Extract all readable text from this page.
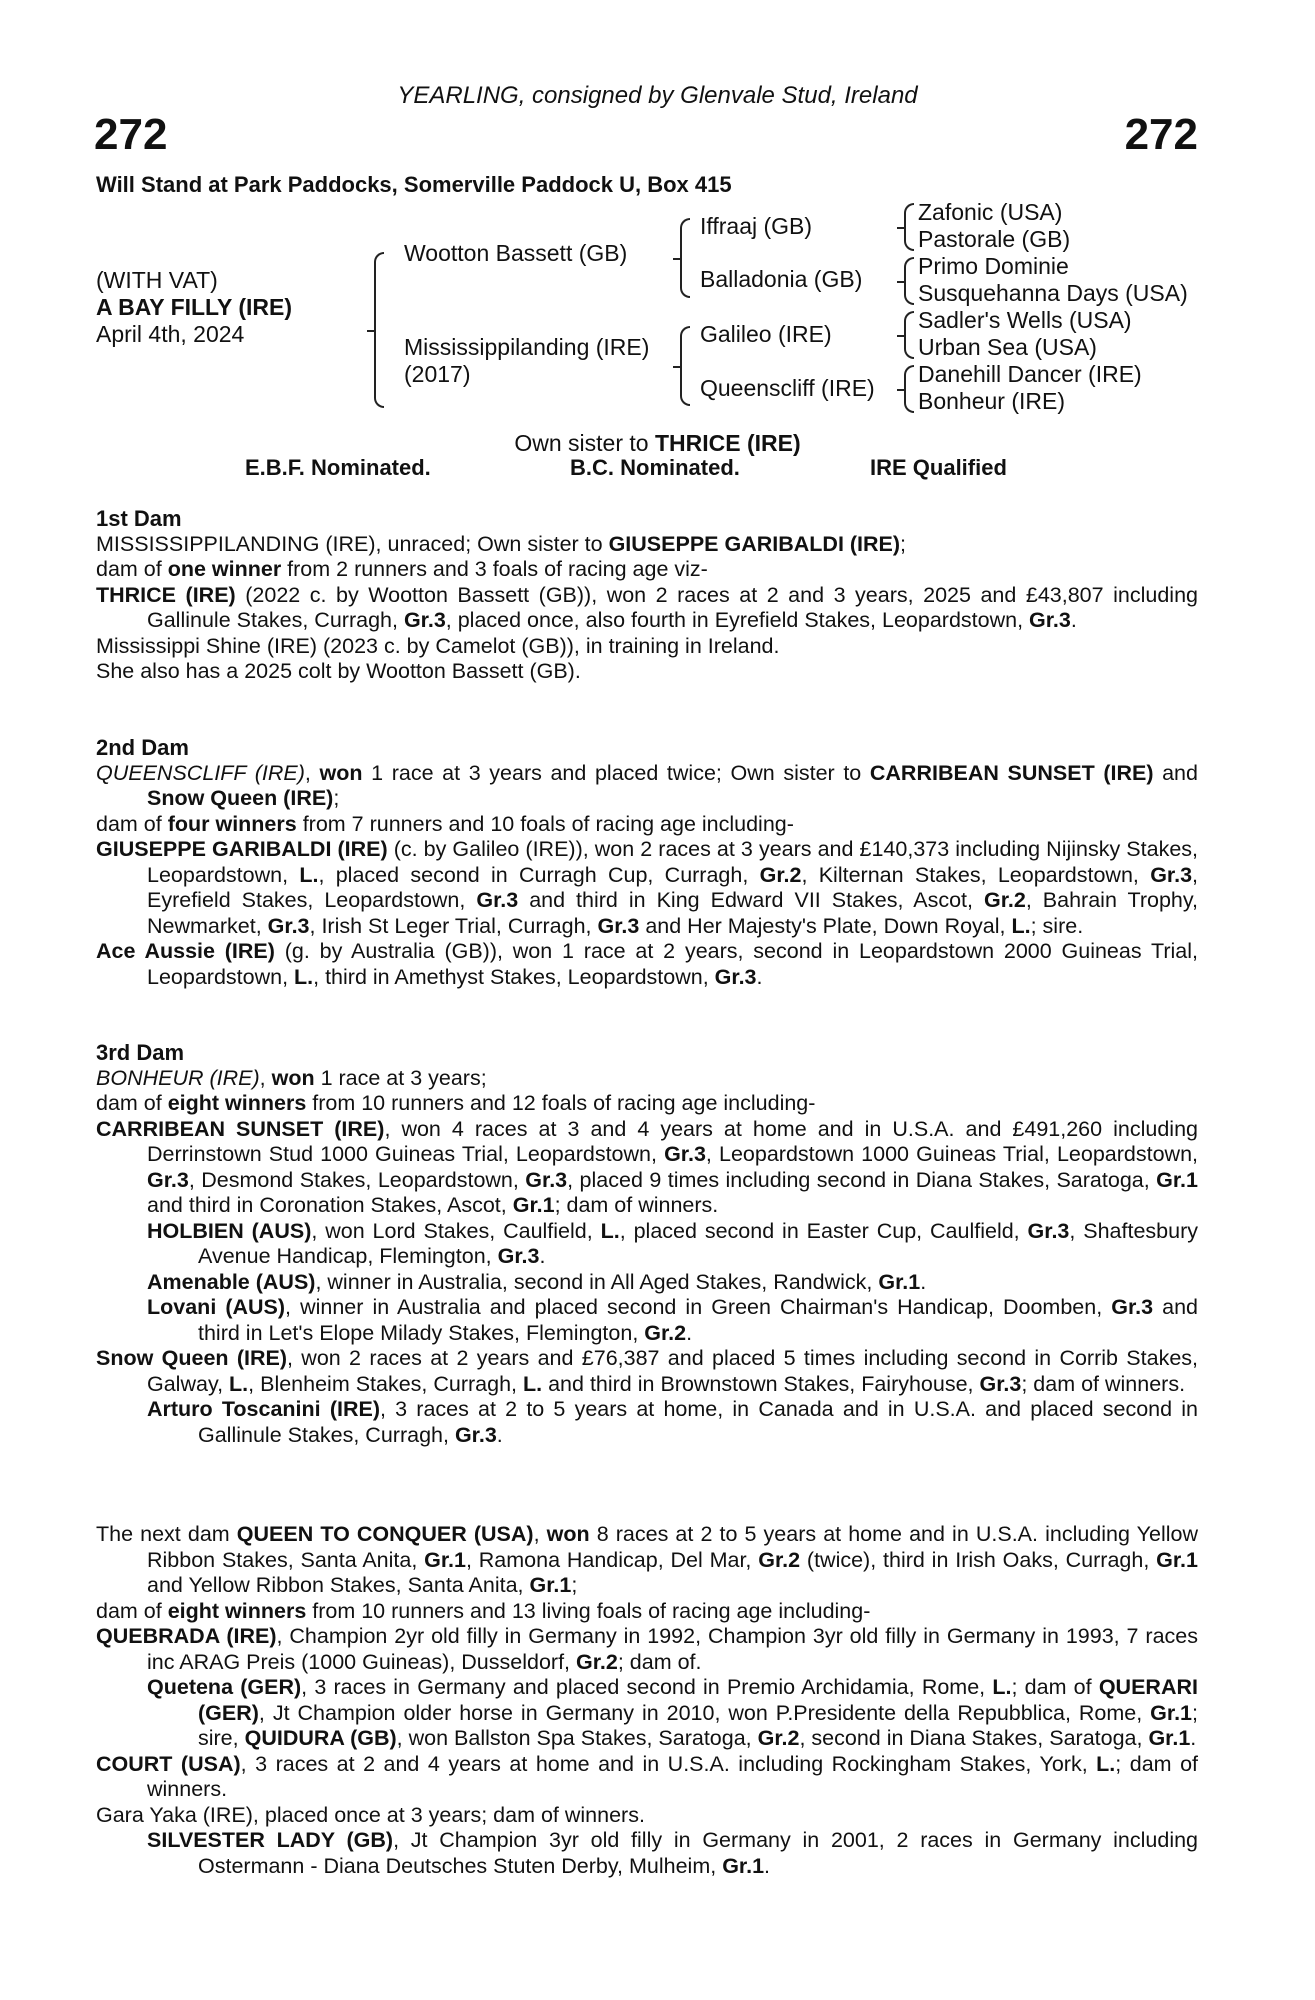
YEARLING, consigned by Glenvale Stud, Ireland
272	272
Will Stand at Park Paddocks, Somerville Paddock U, Box 415
(WITH VAT)
A BAY FILLY (IRE)
April 4th, 2024
Wootton Bassett (GB)
Mississippilanding (IRE)
(2017)
Iffraaj (GB)
Balladonia (GB)
Galileo (IRE)
Queenscliff (IRE)
Zafonic (USA)
Pastorale (GB)
Primo Dominie
Susquehanna Days (USA)
Sadler's Wells (USA)
Urban Sea (USA)
Danehill Dancer (IRE)
Bonheur (IRE)
Own sister to THRICE (IRE)
E.B.F. Nominated.	B.C. Nominated.	IRE Qualified
1st Dam
MISSISSIPPILANDING (IRE), unraced; Own sister to GIUSEPPE GARIBALDI (IRE);
dam of one winner from 2 runners and 3 foals of racing age viz-
THRICE (IRE) (2022 c. by Wootton Bassett (GB)), won 2 races at 2 and 3 years, 2025 and £43,807 including Gallinule Stakes, Curragh, Gr.3, placed once, also fourth in Eyrefield Stakes, Leopardstown, Gr.3.
Mississippi Shine (IRE) (2023 c. by Camelot (GB)), in training in Ireland.
She also has a 2025 colt by Wootton Bassett (GB).
2nd Dam
QUEENSCLIFF (IRE), won 1 race at 3 years and placed twice; Own sister to CARRIBEAN SUNSET (IRE) and Snow Queen (IRE);
dam of four winners from 7 runners and 10 foals of racing age including-
GIUSEPPE GARIBALDI (IRE) (c. by Galileo (IRE)), won 2 races at 3 years and £140,373 including Nijinsky Stakes, Leopardstown, L., placed second in Curragh Cup, Curragh, Gr.2, Kilternan Stakes, Leopardstown, Gr.3, Eyrefield Stakes, Leopardstown, Gr.3 and third in King Edward VII Stakes, Ascot, Gr.2, Bahrain Trophy, Newmarket, Gr.3, Irish St Leger Trial, Curragh, Gr.3 and Her Majesty's Plate, Down Royal, L.; sire.
Ace Aussie (IRE) (g. by Australia (GB)), won 1 race at 2 years, second in Leopardstown 2000 Guineas Trial, Leopardstown, L., third in Amethyst Stakes, Leopardstown, Gr.3.
3rd Dam
BONHEUR (IRE), won 1 race at 3 years;
dam of eight winners from 10 runners and 12 foals of racing age including-
CARRIBEAN SUNSET (IRE), won 4 races at 3 and 4 years at home and in U.S.A. and £491,260 including Derrinstown Stud 1000 Guineas Trial, Leopardstown, Gr.3, Leopardstown 1000 Guineas Trial, Leopardstown, Gr.3, Desmond Stakes, Leopardstown, Gr.3, placed 9 times including second in Diana Stakes, Saratoga, Gr.1 and third in Coronation Stakes, Ascot, Gr.1; dam of winners.
HOLBIEN (AUS), won Lord Stakes, Caulfield, L., placed second in Easter Cup, Caulfield, Gr.3, Shaftesbury Avenue Handicap, Flemington, Gr.3.
Amenable (AUS), winner in Australia, second in All Aged Stakes, Randwick, Gr.1.
Lovani (AUS), winner in Australia and placed second in Green Chairman's Handicap, Doomben, Gr.3 and third in Let's Elope Milady Stakes, Flemington, Gr.2.
Snow Queen (IRE), won 2 races at 2 years and £76,387 and placed 5 times including second in Corrib Stakes, Galway, L., Blenheim Stakes, Curragh, L. and third in Brownstown Stakes, Fairyhouse, Gr.3; dam of winners.
Arturo Toscanini (IRE), 3 races at 2 to 5 years at home, in Canada and in U.S.A. and placed second in Gallinule Stakes, Curragh, Gr.3.
The next dam QUEEN TO CONQUER (USA), won 8 races at 2 to 5 years at home and in U.S.A. including Yellow Ribbon Stakes, Santa Anita, Gr.1, Ramona Handicap, Del Mar, Gr.2 (twice), third in Irish Oaks, Curragh, Gr.1 and Yellow Ribbon Stakes, Santa Anita, Gr.1;
dam of eight winners from 10 runners and 13 living foals of racing age including-
QUEBRADA (IRE), Champion 2yr old filly in Germany in 1992, Champion 3yr old filly in Germany in 1993, 7 races inc ARAG Preis (1000 Guineas), Dusseldorf, Gr.2; dam of.
Quetena (GER), 3 races in Germany and placed second in Premio Archidamia, Rome, L.; dam of QUERARI (GER), Jt Champion older horse in Germany in 2010, won P.Presidente della Repubblica, Rome, Gr.1; sire, QUIDURA (GB), won Ballston Spa Stakes, Saratoga, Gr.2, second in Diana Stakes, Saratoga, Gr.1.
COURT (USA), 3 races at 2 and 4 years at home and in U.S.A. including Rockingham Stakes, York, L.; dam of winners.
Gara Yaka (IRE), placed once at 3 years; dam of winners.
SILVESTER LADY (GB), Jt Champion 3yr old filly in Germany in 2001, 2 races in Germany including Ostermann - Diana Deutsches Stuten Derby, Mulheim, Gr.1.
